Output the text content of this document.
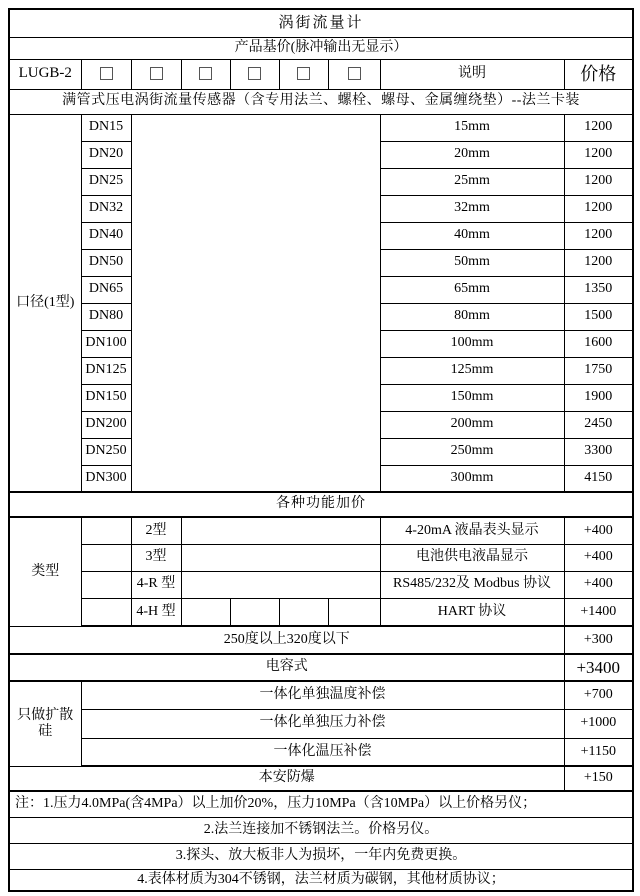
涡街流量计								
产品基价(脉冲输出无显示）								
LUGB-2							说明	价格
满管式压电涡街流量传感器（含专用法兰、螺栓、螺母、金属缠绕垫）--法兰卡装								
口径(1型)	DN15						15mm	1200
	DN20						20mm	1200
	DN25						25mm	1200
	DN32						32mm	1200
	DN40						40mm	1200
	DN50						50mm	1200
	DN65						65mm	1350
	DN80						80mm	1500
	DN100						100mm	1600
	DN125						125mm	1750
	DN150						150mm	1900
	DN200						200mm	2450
	DN250						250mm	3300
	DN300						300mm	4150
各种功能加价								
类型		2型					4-20mA 液晶表头显示	+400
		3型					电池供电液晶显示	+400
		4-R 型					RS485/232及 Modbus 协议	+400
		4-H 型					HART 协议	+1400
250度以上320度以下								+300
电容式								+3400
只做扩散硅	一体化单独温度补偿							+700
	一体化单独压力补偿							+1000
	一体化温压补偿							+1150
本安防爆								+150
注：1.压力4.0MPa(含4MPa）以上加价20%，压力10MPa（含10MPa）以上价格另仪；								
2.法兰连接加不锈钢法兰。价格另仪。								
3.探头、放大板非人为损坏，一年内免费更换。								
4.表体材质为304不锈钢，法兰材质为碳钢，其他材质协议；								
